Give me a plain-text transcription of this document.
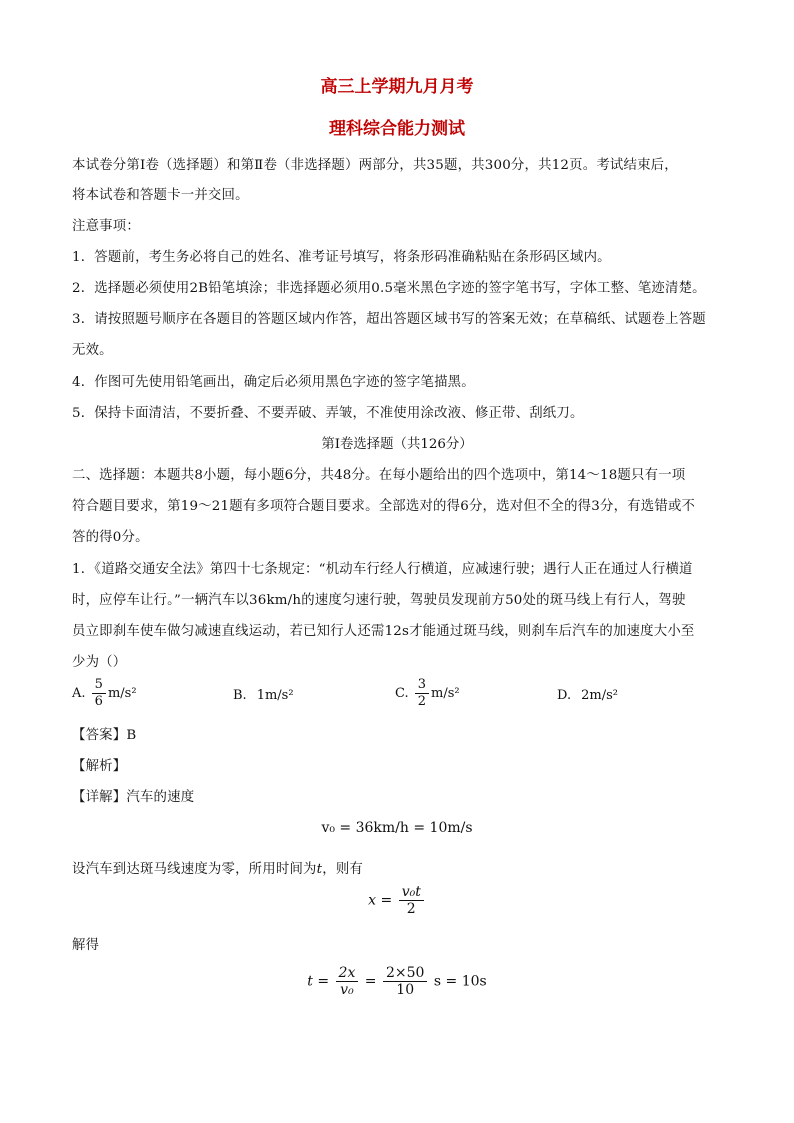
高三上学期九月月考
理科综合能力测试
本试卷分第Ⅰ卷（选择题）和第Ⅱ卷（非选择题）两部分，共35题，共300分，共12页。考试结束后，
将本试卷和答题卡一并交回。
注意事项：
1．答题前，考生务必将自己的姓名、准考证号填写，将条形码准确粘贴在条形码区域内。
2．选择题必须使用2B铅笔填涂；非选择题必须用0.5毫米黑色字迹的签字笔书写，字体工整、笔迹清楚。
3．请按照题号顺序在各题目的答题区域内作答，超出答题区域书写的答案无效；在草稿纸、试题卷上答题
无效。
4．作图可先使用铅笔画出，确定后必须用黑色字迹的签字笔描黑。
5．保持卡面清洁，不要折叠、不要弄破、弄皱，不准使用涂改液、修正带、刮纸刀。
第Ⅰ卷选择题（共126分）
二、选择题：本题共8小题，每小题6分，共48分。在每小题给出的四个选项中，第14～18题只有一项
符合题目要求，第19～21题有多项符合题目要求。全部选对的得6分，选对但不全的得3分，有选错或不
答的得0分。
1．《道路交通安全法》第四十七条规定：“机动车行经人行横道，应减速行驶；遇行人正在通过人行横道
时，应停车让行。”一辆汽车以36km/h的速度匀速行驶，驾驶员发现前方50处的斑马线上有行人，驾驶
员立即刹车使车做匀减速直线运动，若已知行人还需12s才能通过斑马线，则刹车后汽车的加速度大小至
少为（）
A. $\frac{5}{6} m/s^2$	B. 1m/s²	C. $\frac{3}{2} m/s^2$	D. 2m/s²
【答案】B
【解析】
【详解】汽车的速度
v₀ = 36km/h = 10m/s
设汽车到达斑马线速度为零，所用时间为t，则有
$x = \frac{\text{v₀t}}{2}$
解得
$t = \frac{2x}{\text{v₀}} = \frac{2\times 50}{10}$ s = 10s
